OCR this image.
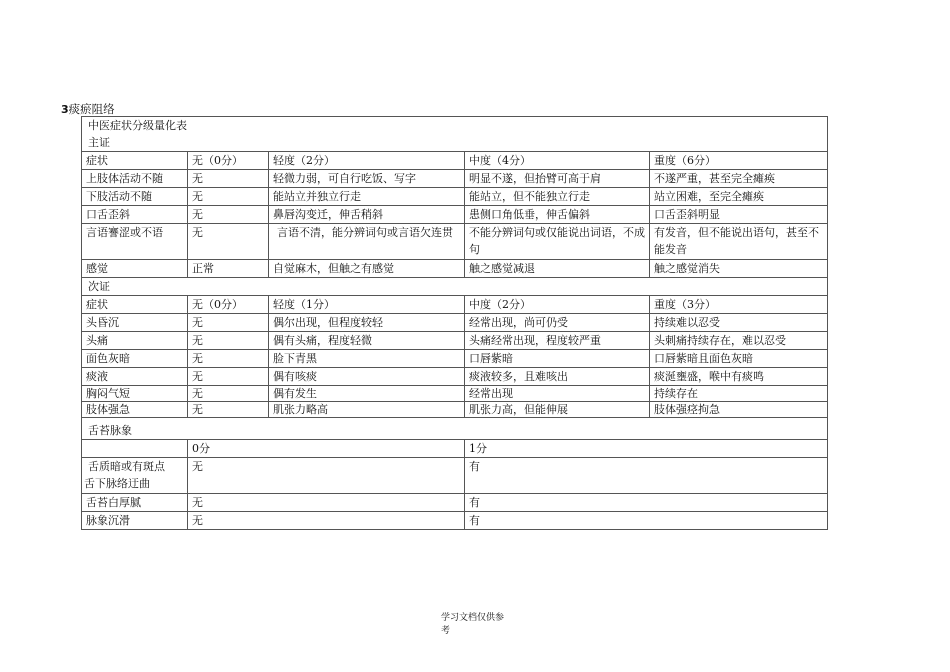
3痰瘀阻络
中医症状分级量化表				
主证				
症状	无（0分）	轻度（2分）	中度（4分）	重度（6分）
上肢体活动不随	无	轻微力弱，可自行吃饭、写字	明显不遂，但抬臂可高于肩	不遂严重，甚至完全瘫痪
下肢活动不随	无	能站立并独立行走	能站立，但不能独立行走	站立困难，至完全瘫痪
口舌歪斜	无	鼻唇沟变迁，伸舌稍斜	患侧口角低垂，伸舌偏斜	口舌歪斜明显
言语謇涩或不语	无	言语不清，能分辨词句或言语欠连贯	不能分辨词句或仅能说出词语，不成句	有发音，但不能说出语句，甚至不能发音
感觉	正常	自觉麻木，但触之有感觉	触之感觉减退	触之感觉消失
次证				
症状	无（0分）	轻度（1分）	中度（2分）	重度（3分）
头昏沉	无	偶尔出现，但程度较轻	经常出现，尚可仍受	持续难以忍受
头痛	无	偶有头痛，程度轻微	头痛经常出现，程度较严重	头刺痛持续存在，难以忍受
面色灰暗	无	脸下青黑	口唇紫暗	口唇紫暗且面色灰暗
痰液	无	偶有咳痰	痰液较多，且难咳出	痰涎壅盛，喉中有痰鸣
胸闷气短	无	偶有发生	经常出现	持续存在
肢体强急	无	肌张力略高	肌张力高，但能伸展	肢体强痉拘急
舌苔脉象				
	0分		1分	

舌质暗或有斑点
舌下脉络迂曲	无		有	
舌苔白厚腻	无		有	
脉象沉滑	无		有	
学习文档仅供参
考
